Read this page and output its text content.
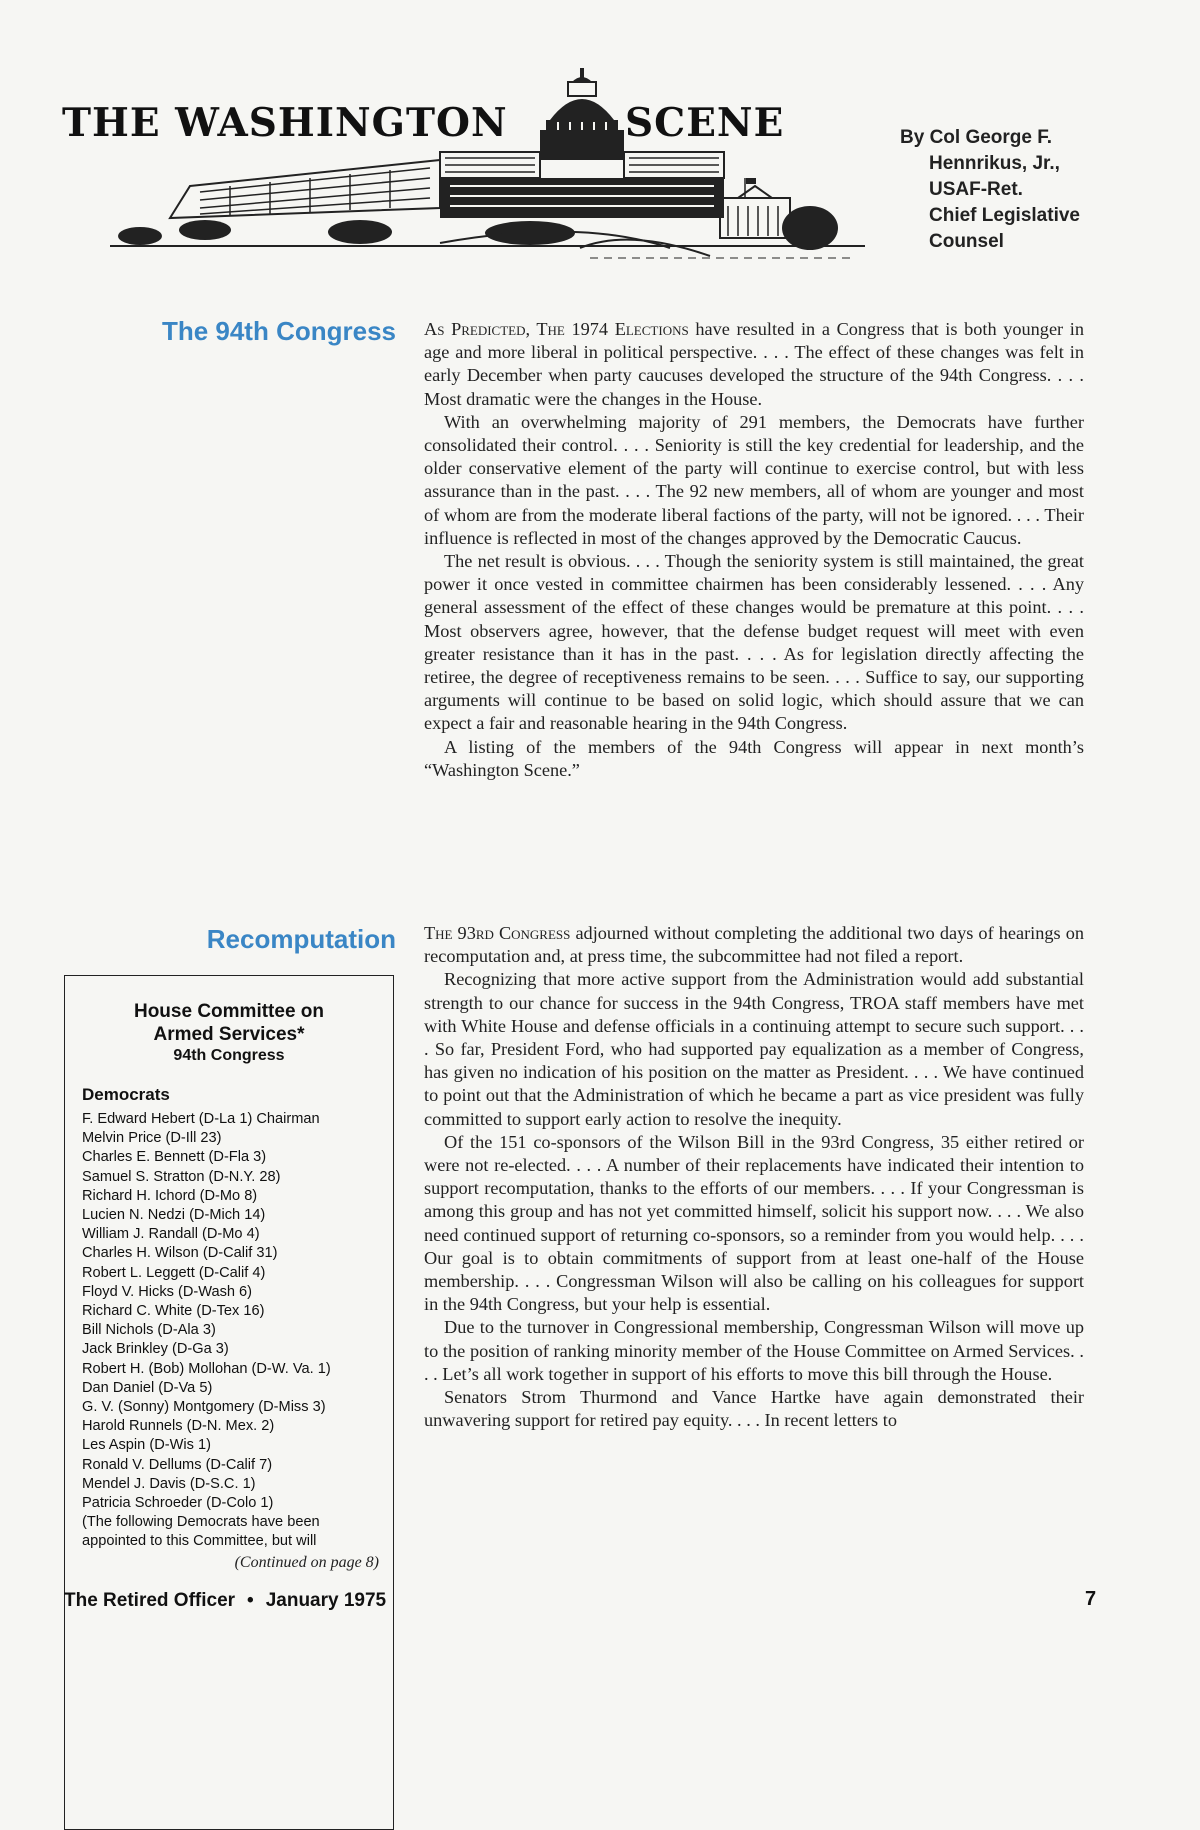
THE WASHINGTON	SCENE	By Col George F.
Hennrikus, Jr.,
USAF-Ret.
Chief Legislative
Counsel
The 94th Congress As Predicted, The 1974 Elections have resulted in a Congress that is both younger in age and more liberal in political perspective. . . . The effect of these changes was felt in early December when party caucuses developed the structure of the 94th Congress. . . . Most dramatic were the changes in the House.

With an overwhelming majority of 291 members, the Democrats have further consolidated their control. . . . Seniority is still the key credential for leadership, and the older conservative element of the party will continue to exercise control, but with less assurance than in the past. . . . The 92 new members, all of whom are younger and most of whom are from the moderate liberal factions of the party, will not be ignored. . . . Their influence is reflected in most of the changes approved by the Democratic Caucus.

The net result is obvious. . . . Though the seniority system is still maintained, the great power it once vested in committee chairmen has been considerably lessened. . . . Any general assessment of the effect of these changes would be premature at this point. . . . Most observers agree, however, that the defense budget request will meet with even greater resistance than it has in the past. . . . As for legislation directly affecting the retiree, the degree of receptiveness remains to be seen. . . . Suffice to say, our supporting arguments will continue to be based on solid logic, which should assure that we can expect a fair and reasonable hearing in the 94th Congress.

A listing of the members of the 94th Congress will appear in next month’s “Washington Scene.”

Recomputation The 93rd Congress adjourned without completing the additional two days of hearings on recomputation and, at press time, the subcommittee had not filed a report.

Recognizing that more active support from the Administration would add substantial strength to our chance for success in the 94th Congress, TROA staff members have met with White House and defense officials in a continuing attempt to secure such support. . . . So far, President Ford, who had supported pay equalization as a member of Congress, has given no indication of his position on the matter as President. . . . We have continued to point out that the Administration of which he became a part as vice president was fully committed to support early action to resolve the inequity.

Of the 151 co-sponsors of the Wilson Bill in the 93rd Congress, 35 either retired or were not re-elected. . . . A number of their replacements have indicated their intention to support recomputation, thanks to the efforts of our members. . . . If your Congressman is among this group and has not yet committed himself, solicit his support now. . . . We also need continued support of returning co-sponsors, so a reminder from you would help. . . . Our goal is to obtain commitments of support from at least one-half of the House membership. . . . Congressman Wilson will also be calling on his colleagues for support in the 94th Congress, but your help is essential.

Due to the turnover in Congressional membership, Congressman Wilson will move up to the position of ranking minority member of the House Committee on Armed Services. . . . Let’s all work together in support of his efforts to move this bill through the House.

Senators Strom Thurmond and Vance Hartke have again demonstrated their unwavering support for retired pay equity. . . . In recent letters to

House Committee on
Armed Services*
94th Congress
Democrats
F. Edward Hebert (D-La 1) Chairman
Melvin Price (D-Ill 23)
Charles E. Bennett (D-Fla 3)
Samuel S. Stratton (D-N.Y. 28)
Richard H. Ichord (D-Mo 8)
Lucien N. Nedzi (D-Mich 14)
William J. Randall (D-Mo 4)
Charles H. Wilson (D-Calif 31)
Robert L. Leggett (D-Calif 4)
Floyd V. Hicks (D-Wash 6)
Richard C. White (D-Tex 16)
Bill Nichols (D-Ala 3)
Jack Brinkley (D-Ga 3)
Robert H. (Bob) Mollohan (D-W. Va. 1)
Dan Daniel (D-Va 5)
G. V. (Sonny) Montgomery (D-Miss 3)
Harold Runnels (D-N. Mex. 2)
Les Aspin (D-Wis 1)
Ronald V. Dellums (D-Calif 7)
Mendel J. Davis (D-S.C. 1)
Patricia Schroeder (D-Colo 1)
(The following Democrats have been appointed to this Committee, but will
(Continued on page 8)
The Retired Officer • January 1975	7
